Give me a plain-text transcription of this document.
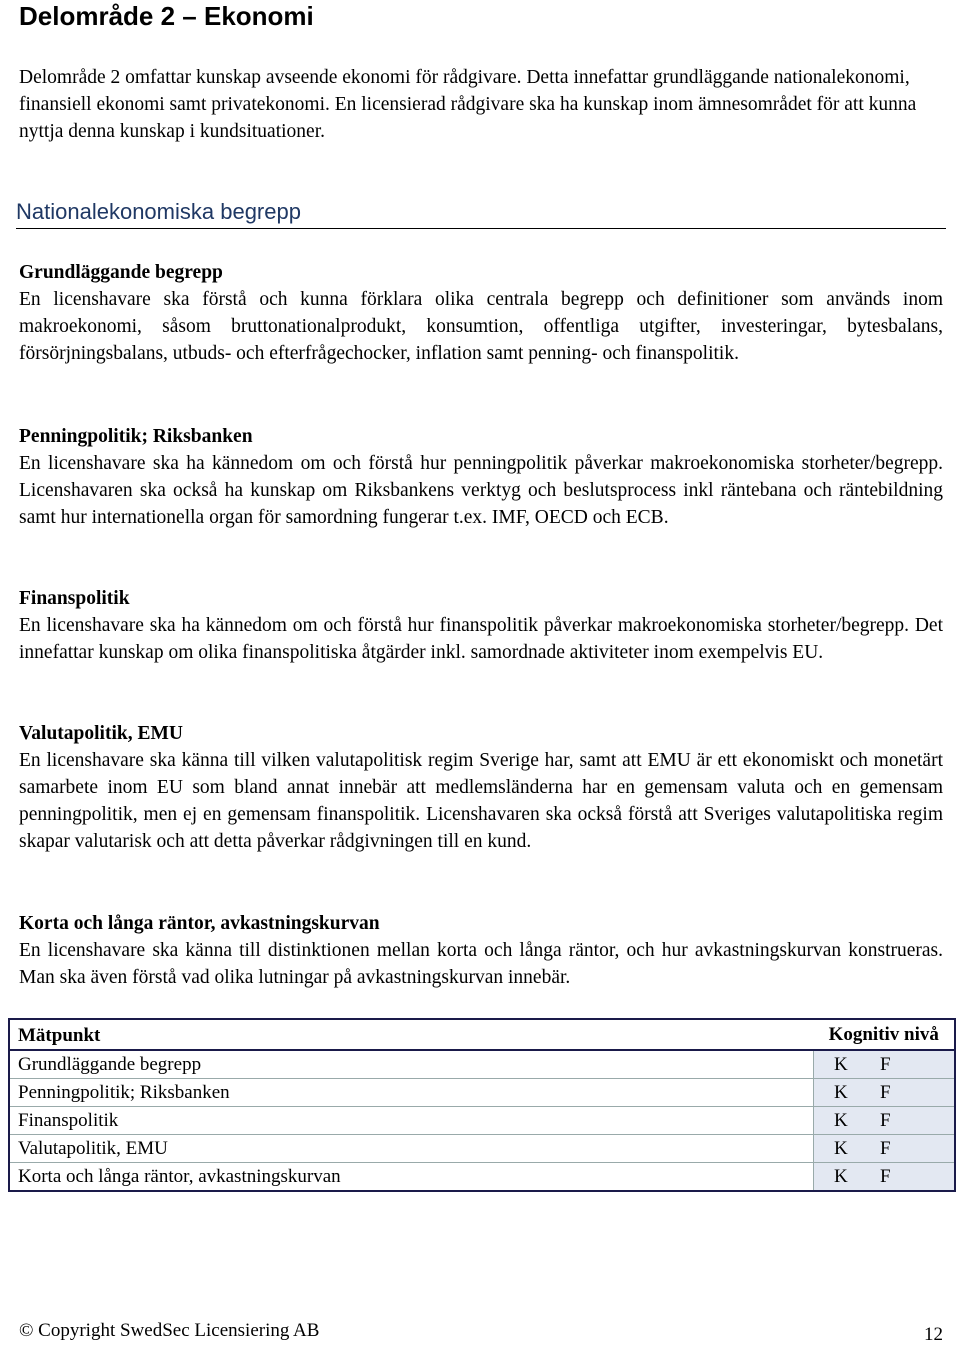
Delområde 2 – Ekonomi

Delområde 2 omfattar kunskap avseende ekonomi för rådgivare. Detta innefattar grundläggande nationalekonomi, finansiell ekonomi samt privatekonomi. En licensierad rådgivare ska ha kunskap inom ämnesområdet för att kunna nyttja denna kunskap i kundsituationer.

Nationalekonomiska begrepp
Grundläggande begrepp

En licenshavare ska förstå och kunna förklara olika centrala begrepp och definitioner som används inom makroekonomi, såsom bruttonationalprodukt, konsumtion, offentliga utgifter, investeringar, bytesbalans, försörjningsbalans, utbuds- och efterfrågechocker, inflation samt penning- och finanspolitik.

Penningpolitik; Riksbanken

En licenshavare ska ha kännedom om och förstå hur penningpolitik påverkar makroekonomiska storheter/begrepp. Licenshavaren ska också ha kunskap om Riksbankens verktyg och beslutsprocess inkl räntebana och räntebildning samt hur internationella organ för samordning fungerar t.ex. IMF, OECD och ECB.

Finanspolitik

En licenshavare ska ha kännedom om och förstå hur finanspolitik påverkar makroekonomiska storheter/begrepp. Det innefattar kunskap om olika finanspolitiska åtgärder inkl. samordnade aktiviteter inom exempelvis EU.

Valutapolitik, EMU

En licenshavare ska känna till vilken valutapolitisk regim Sverige har, samt att EMU är ett ekonomiskt och monetärt samarbete inom EU som bland annat innebär att medlemsländerna har en gemensam valuta och en gemensam penningpolitik, men ej en gemensam finanspolitik. Licenshavaren ska också förstå att Sveriges valutapolitiska regim skapar valutarisk och att detta påverkar rådgivningen till en kund.

Korta och långa räntor, avkastningskurvan

En licenshavare ska känna till distinktionen mellan korta och långa räntor, och hur avkastningskurvan konstrueras. Man ska även förstå vad olika lutningar på avkastningskurvan innebär.

Mätpunkt	Kognitiv nivå	
Grundläggande begrepp	K	F
Penningpolitik; Riksbanken	K	F
Finanspolitik	K	F
Valutapolitik, EMU	K	F
Korta och långa räntor, avkastningskurvan	K	F
© Copyright SwedSec Licensiering AB	12
